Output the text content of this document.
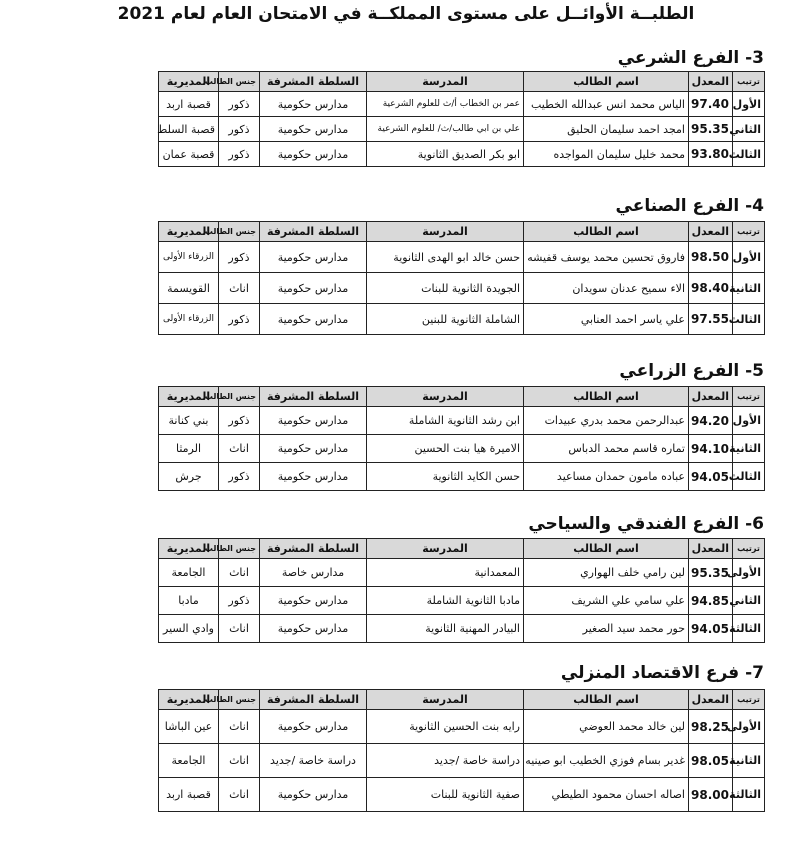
الطلبــة الأوائــل على مستوى المملكــة في الامتحان العام لعام 2021
3- الفرع الشرعي
ترتيب	المعدل	اسم الطالب	المدرسة	السلطة المشرفة	جنس الطالب	المديرية
الأول	97.40	الياس محمد انس عبدالله الخطيب	عمر بن الخطاب أ/ث للعلوم الشرعية	مدارس حكومية	ذكور	قصبة اربد
الثاني	95.35	امجد احمد سليمان الحليق	علي بن ابي طالب/ث/ للعلوم الشرعية	مدارس حكومية	ذكور	قصبة السلط
الثالث	93.80	محمد خليل سليمان المواجده	ابو بكر الصديق الثانوية	مدارس حكومية	ذكور	قصبة عمان
4- الفرع الصناعي
ترتيب	المعدل	اسم الطالب	المدرسة	السلطة المشرفة	جنس الطالب	المديرية
الأول	98.50	فاروق تحسين محمد يوسف قفيشه	حسن خالد ابو الهدى الثانوية	مدارس حكومية	ذكور	الزرقاء الأولى
الثانية	98.40	الاء سميح عدنان سويدان	الجويدة الثانوية للبنات	مدارس حكومية	اناث	القويسمة
الثالث	97.55	علي ياسر احمد العنابي	الشاملة الثانوية للبنين	مدارس حكومية	ذكور	الزرقاء الأولى
5- الفرع الزراعي
ترتيب	المعدل	اسم الطالب	المدرسة	السلطة المشرفة	جنس الطالب	المديرية
الأول	94.20	عبدالرحمن محمد بدري عبيدات	ابن رشد الثانوية الشاملة	مدارس حكومية	ذكور	بني كنانة
الثانية	94.10	تماره قاسم محمد الدباس	الاميرة هيا بنت الحسين	مدارس حكومية	اناث	الرمثا
الثالث	94.05	عباده مامون حمدان مساعيد	حسن الكايد الثانوية	مدارس حكومية	ذكور	جرش
6- الفرع الفندقي والسياحي
ترتيب	المعدل	اسم الطالب	المدرسة	السلطة المشرفة	جنس الطالب	المديرية
الأولى	95.35	لين رامي خلف الهواري	المعمدانية	مدارس خاصة	اناث	الجامعة
الثاني	94.85	علي سامي علي الشريف	مادبا الثانوية الشاملة	مدارس حكومية	ذكور	مادبا
الثالثة	94.05	حور محمد سيد الصغير	البيادر المهنية الثانوية	مدارس حكومية	اناث	وادي السير
7- فرع الاقتصاد المنزلي
ترتيب	المعدل	اسم الطالب	المدرسة	السلطة المشرفة	جنس الطالب	المديرية
الأولى	98.25	لين خالد محمد العوضي	رايه بنت الحسين الثانوية	مدارس حكومية	اناث	عين الباشا
الثانية	98.05	غدير بسام فوزي الخطيب ابو صينيه	دراسة خاصة /جديد	دراسة خاصة /جديد	اناث	الجامعة
الثالثة	98.00	اصاله احسان محمود الطيطي	صفية الثانوية للبنات	مدارس حكومية	اناث	قصبة اربد
